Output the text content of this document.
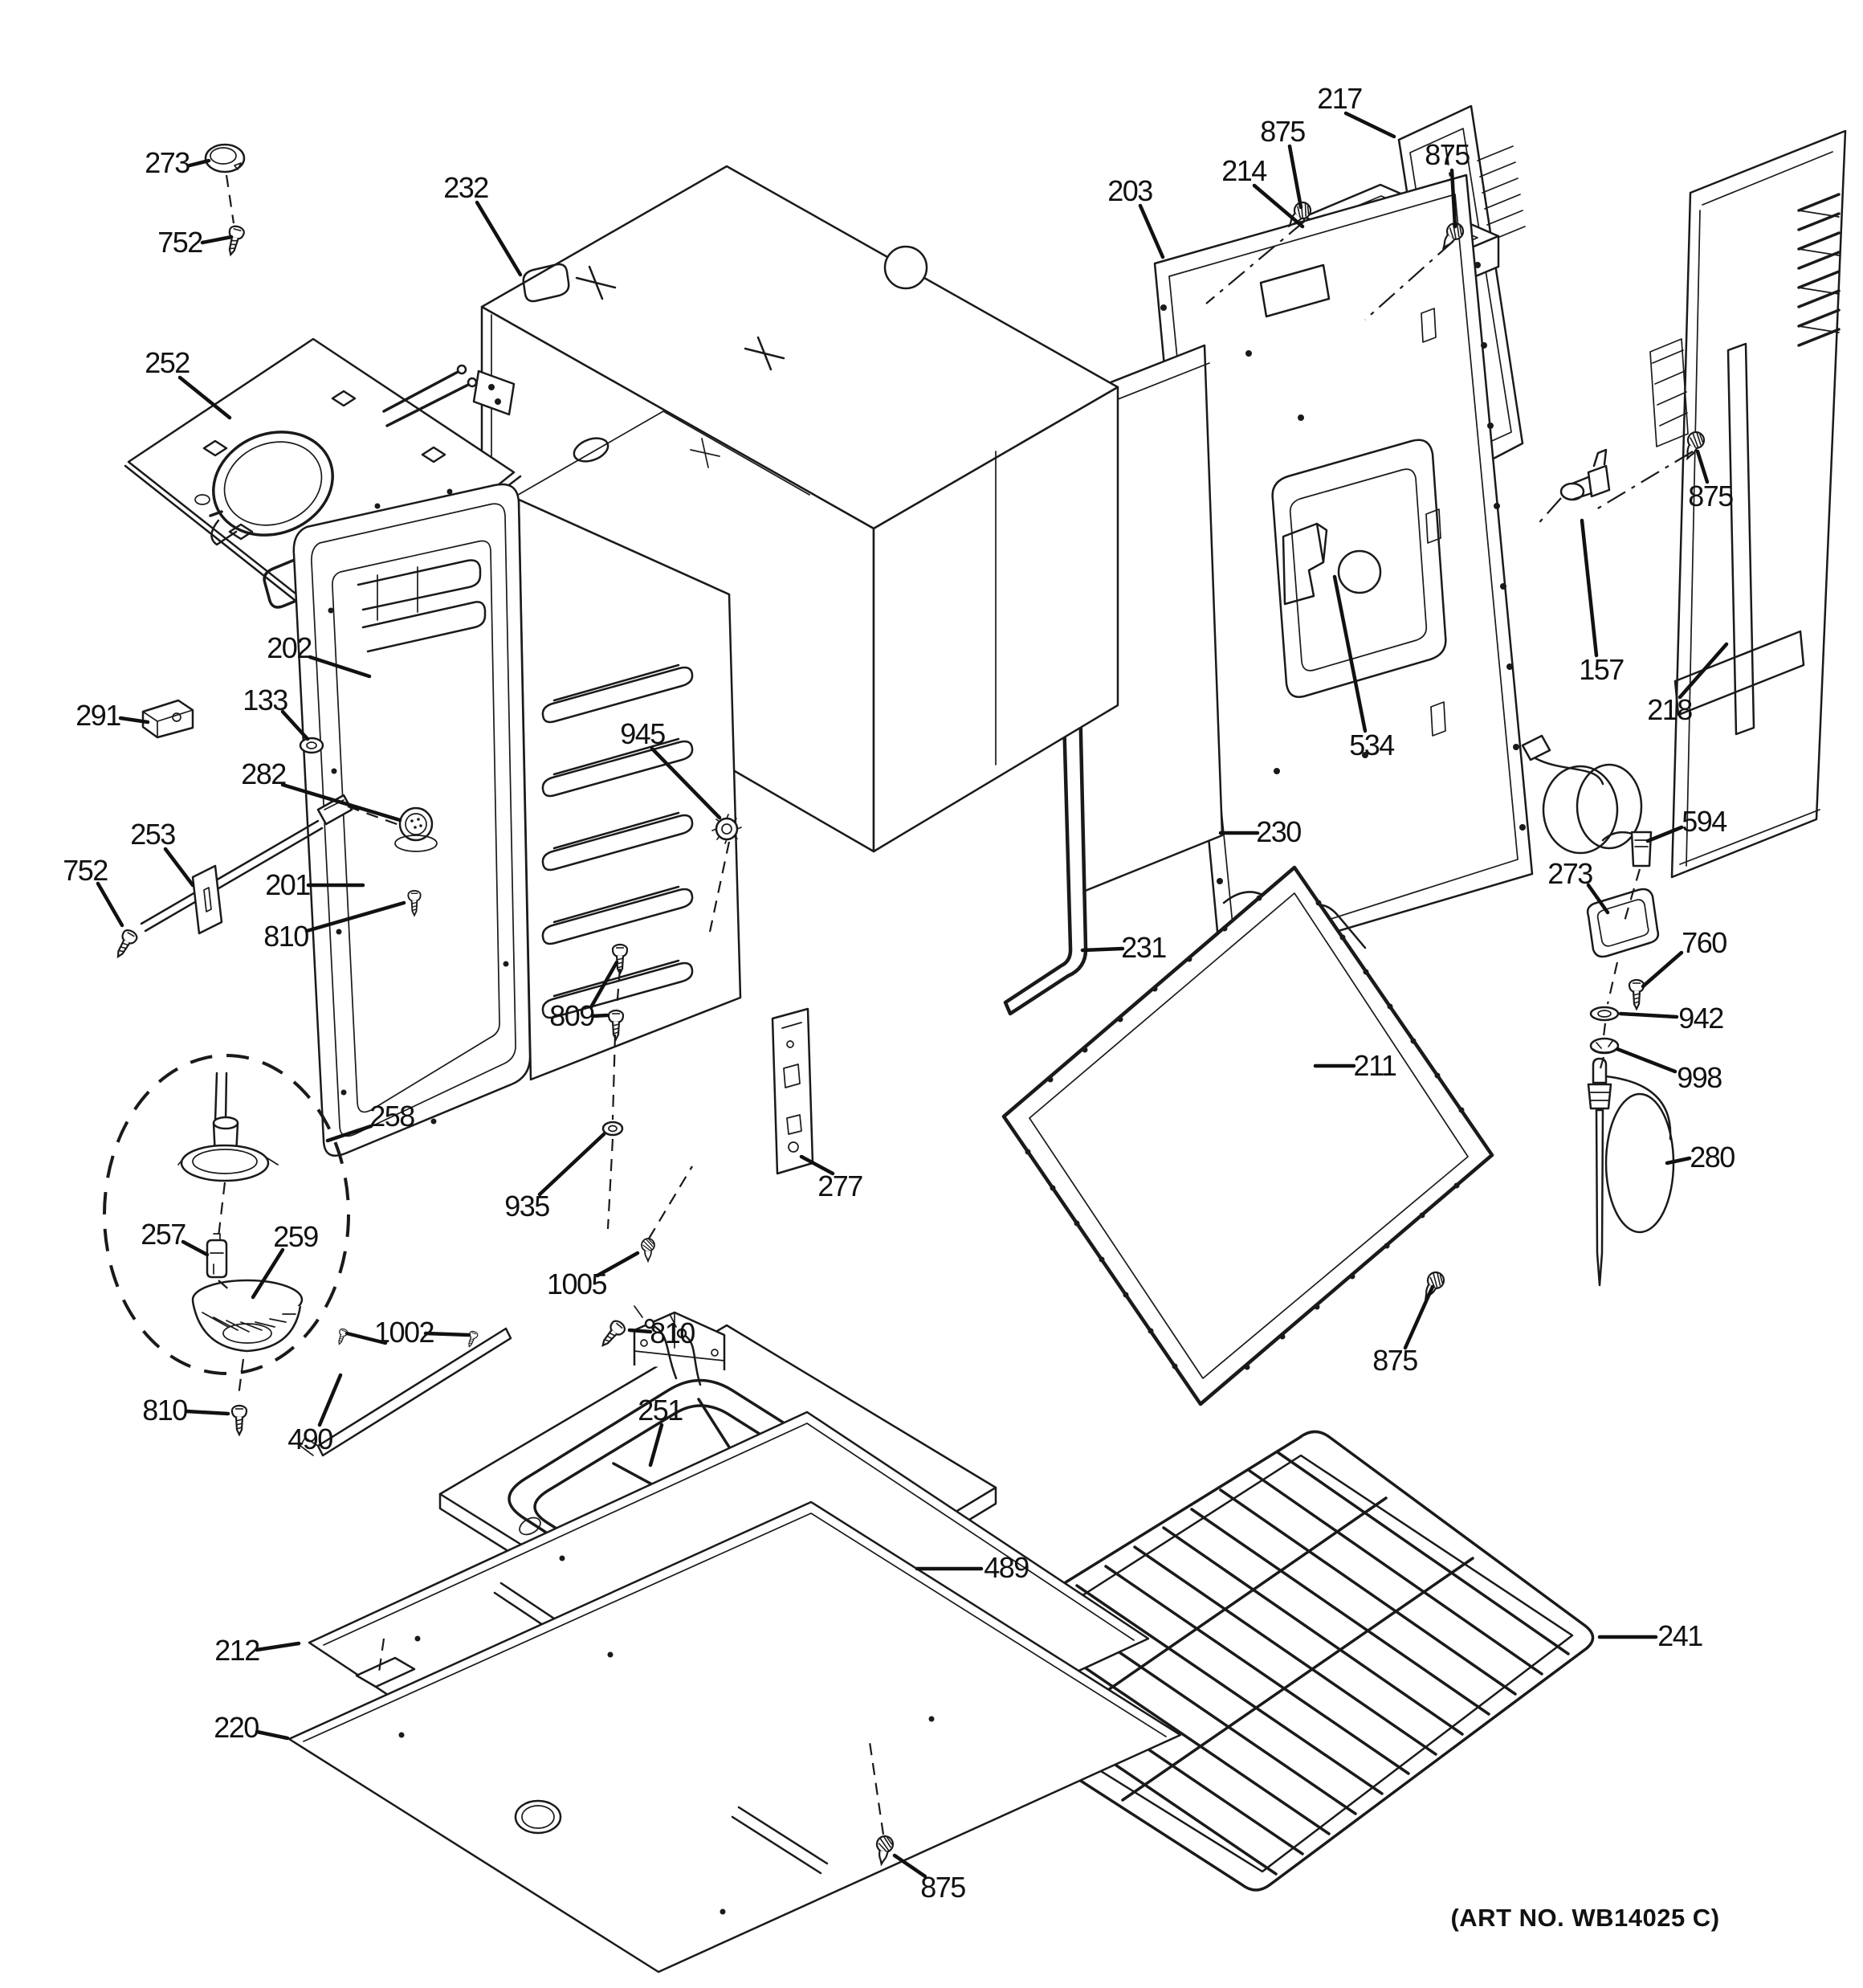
273
752
232
252
203
214
875
217
875
157
218
534
230
231
211
273
594
760
942
998
280
875
875
258
257	259
810
490
1002	810
251
489
212
220
875
241
291	133
202
282
253
752	201
810
945
809
935
1005
277
(ART NO. WB14025 C)
